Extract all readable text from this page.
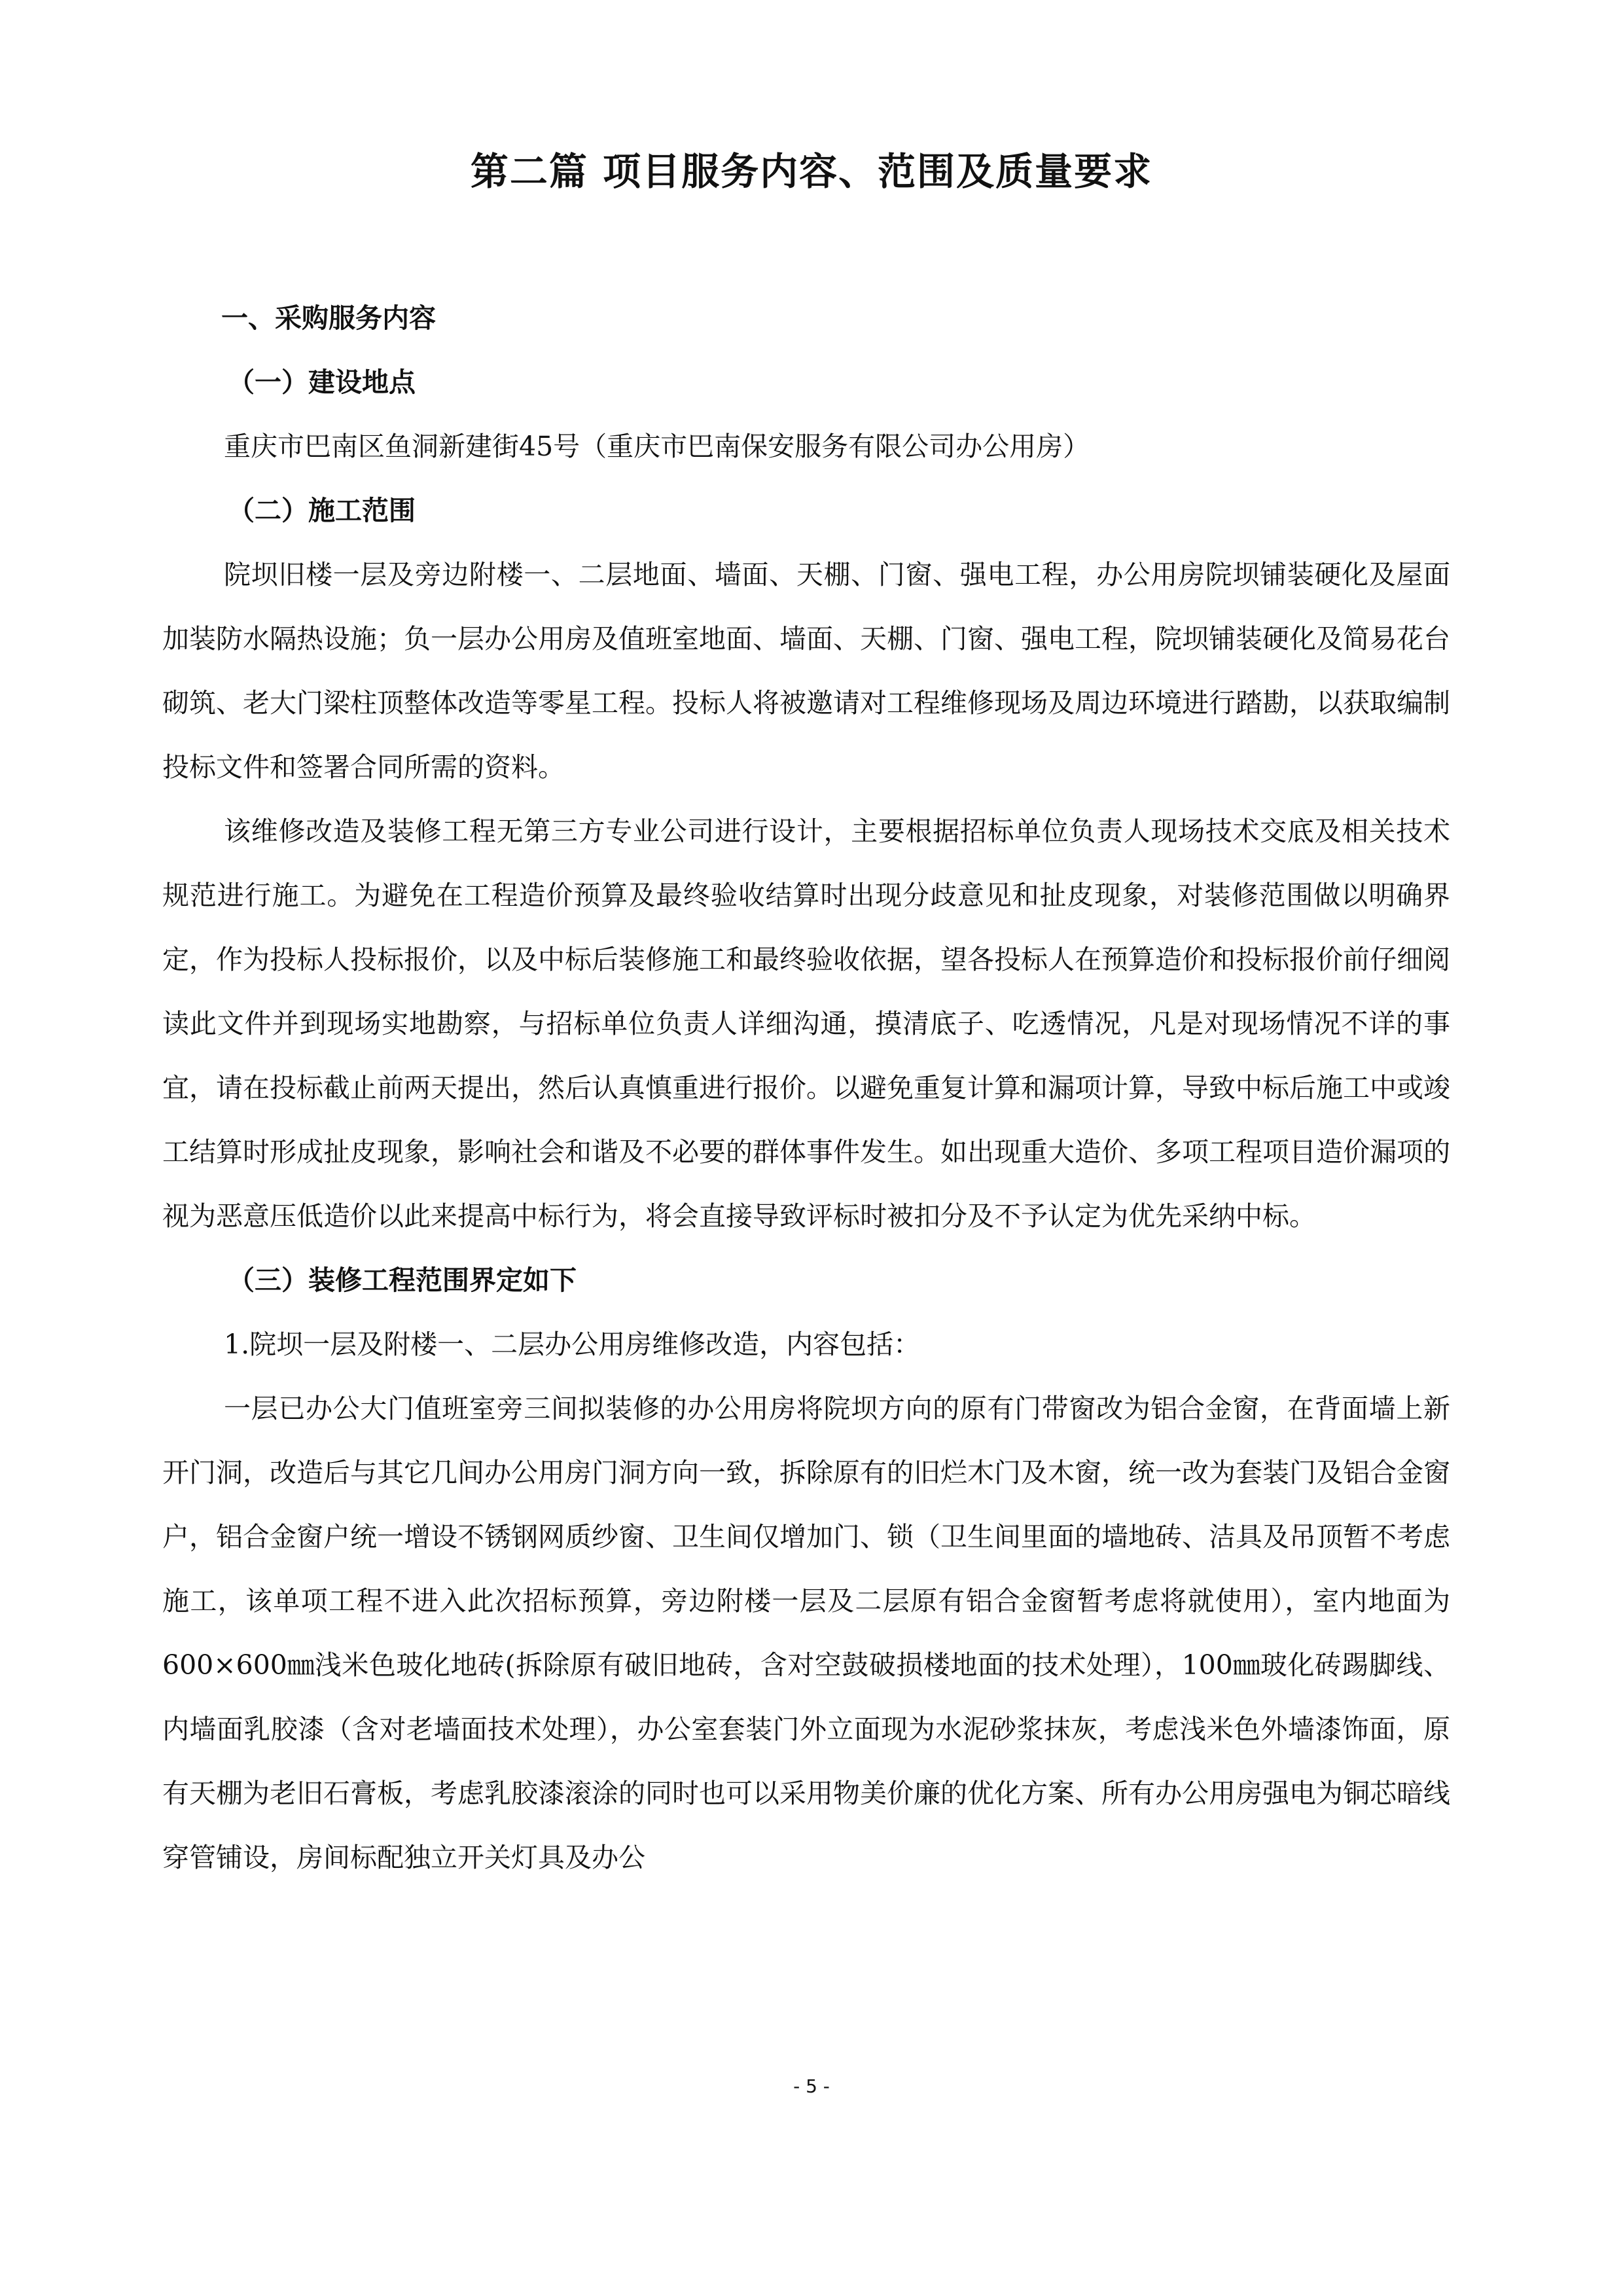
第二篇 项目服务内容、范围及质量要求
一、采购服务内容
（一）建设地点

重庆市巴南区鱼洞新建街45号（重庆市巴南保安服务有限公司办公用房）

（二）施工范围

院坝旧楼一层及旁边附楼一、二层地面、墙面、天棚、门窗、强电工程，办公用房院坝铺装硬化及屋面加装防水隔热设施；负一层办公用房及值班室地面、墙面、天棚、门窗、强电工程，院坝铺装硬化及简易花台砌筑、老大门梁柱顶整体改造等零星工程。投标人将被邀请对工程维修现场及周边环境进行踏勘，以获取编制投标文件和签署合同所需的资料。

该维修改造及装修工程无第三方专业公司进行设计，主要根据招标单位负责人现场技术交底及相关技术规范进行施工。为避免在工程造价预算及最终验收结算时出现分歧意见和扯皮现象，对装修范围做以明确界定，作为投标人投标报价，以及中标后装修施工和最终验收依据，望各投标人在预算造价和投标报价前仔细阅读此文件并到现场实地勘察，与招标单位负责人详细沟通，摸清底子、吃透情况，凡是对现场情况不详的事宜，请在投标截止前两天提出，然后认真慎重进行报价。以避免重复计算和漏项计算，导致中标后施工中或竣工结算时形成扯皮现象，影响社会和谐及不必要的群体事件发生。如出现重大造价、多项工程项目造价漏项的视为恶意压低造价以此来提高中标行为，将会直接导致评标时被扣分及不予认定为优先采纳中标。

（三）装修工程范围界定如下

1.院坝一层及附楼一、二层办公用房维修改造，内容包括：

一层已办公大门值班室旁三间拟装修的办公用房将院坝方向的原有门带窗改为铝合金窗，在背面墙上新开门洞，改造后与其它几间办公用房门洞方向一致，拆除原有的旧烂木门及木窗，统一改为套装门及铝合金窗户，铝合金窗户统一增设不锈钢网质纱窗、卫生间仅增加门、锁（卫生间里面的墙地砖、洁具及吊顶暂不考虑施工，该单项工程不进入此次招标预算，旁边附楼一层及二层原有铝合金窗暂考虑将就使用），室内地面为600×600㎜浅米色玻化地砖(拆除原有破旧地砖，含对空鼓破损楼地面的技术处理），100㎜玻化砖踢脚线、内墙面乳胶漆（含对老墙面技术处理），办公室套装门外立面现为水泥砂浆抹灰，考虑浅米色外墙漆饰面，原有天棚为老旧石膏板，考虑乳胶漆滚涂的同时也可以采用物美价廉的优化方案、所有办公用房强电为铜芯暗线穿管铺设，房间标配独立开关灯具及办公

- 5 -
